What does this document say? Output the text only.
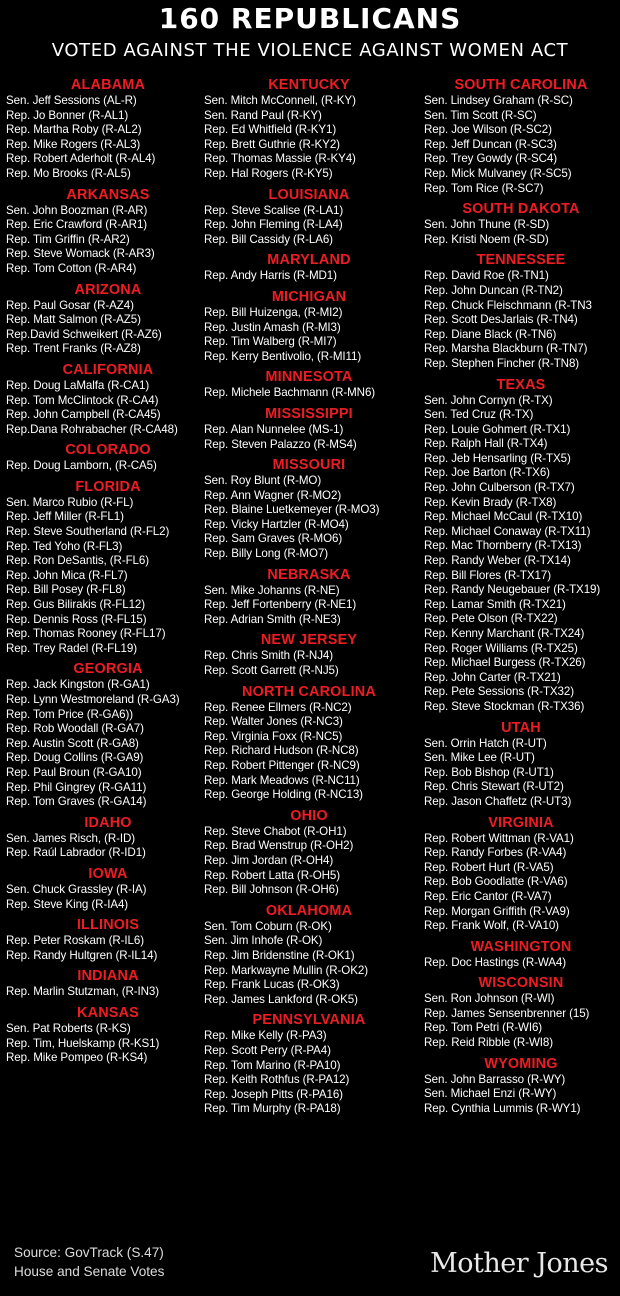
160 REPUBLICANS
VOTED AGAINST THE VIOLENCE AGAINST WOMEN ACT
ALABAMA
Sen. Jeff Sessions (AL-R)
Rep. Jo Bonner (R-AL1)
Rep. Martha Roby (R-AL2)
Rep. Mike Rogers (R-AL3)
Rep. Robert Aderholt (R-AL4)
Rep. Mo Brooks (R-AL5)
ARKANSAS
Sen. John Boozman (R-AR)
Rep. Eric Crawford (R-AR1)
Rep. Tim Griffin (R-AR2)
Rep. Steve Womack (R-AR3)
Rep. Tom Cotton (R-AR4)
ARIZONA
Rep. Paul Gosar (R-AZ4)
Rep. Matt Salmon (R-AZ5)
Rep.David Schweikert (R-AZ6)
Rep. Trent Franks (R-AZ8)
CALIFORNIA
Rep. Doug LaMalfa (R-CA1)
Rep. Tom McClintock (R-CA4)
Rep. John Campbell (R-CA45)
Rep.Dana Rohrabacher (R-CA48)
COLORADO
Rep. Doug Lamborn, (R-CA5)
FLORIDA
Sen. Marco Rubio (R-FL)
Rep. Jeff Miller (R-FL1)
Rep. Steve Southerland (R-FL2)
Rep. Ted Yoho (R-FL3)
Rep. Ron DeSantis, (R-FL6)
Rep. John Mica (R-FL7)
Rep. Bill Posey (R-FL8)
Rep. Gus Bilirakis (R-FL12)
Rep. Dennis Ross (R-FL15)
Rep. Thomas Rooney (R-FL17)
Rep. Trey Radel (R-FL19)
GEORGIA
Rep. Jack Kingston (R-GA1)
Rep. Lynn Westmoreland (R-GA3)
Rep. Tom Price (R-GA6))
Rep. Rob Woodall (R-GA7)
Rep. Austin Scott (R-GA8)
Rep. Doug Collins (R-GA9)
Rep. Paul Broun (R-GA10)
Rep. Phil Gingrey (R-GA11)
Rep. Tom Graves (R-GA14)
IDAHO
Sen. James Risch, (R-ID)
Rep. Raúl Labrador (R-ID1)
IOWA
Sen. Chuck Grassley (R-IA)
Rep. Steve King (R-IA4)
ILLINOIS
Rep. Peter Roskam (R-IL6)
Rep. Randy Hultgren (R-IL14)
INDIANA
Rep. Marlin Stutzman, (R-IN3)
KANSAS
Sen. Pat Roberts (R-KS)
Rep. Tim, Huelskamp (R-KS1)
Rep. Mike Pompeo (R-KS4)
KENTUCKY
Sen. Mitch McConnell, (R-KY)
Sen. Rand Paul (R-KY)
Rep. Ed Whitfield (R-KY1)
Rep. Brett Guthrie (R-KY2)
Rep. Thomas Massie (R-KY4)
Rep. Hal Rogers (R-KY5)
LOUISIANA
Rep. Steve Scalise (R-LA1)
Rep. John Fleming (R-LA4)
Rep. Bill Cassidy (R-LA6)
MARYLAND
Rep. Andy Harris (R-MD1)
MICHIGAN
Rep. Bill Huizenga, (R-MI2)
Rep. Justin Amash (R-MI3)
Rep. Tim Walberg (R-MI7)
Rep. Kerry Bentivolio, (R-MI11)
MINNESOTA
Rep. Michele Bachmann (R-MN6)
MISSISSIPPI
Rep. Alan Nunnelee (MS-1)
Rep. Steven Palazzo (R-MS4)
MISSOURI
Sen. Roy Blunt (R-MO)
Rep. Ann Wagner (R-MO2)
Rep. Blaine Luetkemeyer (R-MO3)
Rep. Vicky Hartzler (R-MO4)
Rep. Sam Graves (R-MO6)
Rep. Billy Long (R-MO7)
NEBRASKA
Sen. Mike Johanns (R-NE)
Rep. Jeff Fortenberry (R-NE1)
Rep. Adrian Smith (R-NE3)
NEW JERSEY
Rep. Chris Smith (R-NJ4)
Rep. Scott Garrett (R-NJ5)
NORTH CAROLINA
Rep. Renee Ellmers (R-NC2)
Rep. Walter Jones (R-NC3)
Rep. Virginia Foxx (R-NC5)
Rep. Richard Hudson (R-NC8)
Rep. Robert Pittenger (R-NC9)
Rep. Mark Meadows (R-NC11)
Rep. George Holding (R-NC13)
OHIO
Rep. Steve Chabot (R-OH1)
Rep. Brad Wenstrup (R-OH2)
Rep. Jim Jordan (R-OH4)
Rep. Robert Latta (R-OH5)
Rep. Bill Johnson (R-OH6)
OKLAHOMA
Sen. Tom Coburn (R-OK)
Sen. Jim Inhofe (R-OK)
Rep. Jim Bridenstine (R-OK1)
Rep. Markwayne Mullin (R-OK2)
Rep. Frank Lucas (R-OK3)
Rep. James Lankford (R-OK5)
PENNSYLVANIA
Rep. Mike Kelly (R-PA3)
Rep. Scott Perry (R-PA4)
Rep. Tom Marino (R-PA10)
Rep. Keith Rothfus (R-PA12)
Rep. Joseph Pitts (R-PA16)
Rep. Tim Murphy (R-PA18)
SOUTH CAROLINA
Sen. Lindsey Graham (R-SC)
Sen. Tim Scott (R-SC)
Rep. Joe Wilson (R-SC2)
Rep. Jeff Duncan (R-SC3)
Rep. Trey Gowdy (R-SC4)
Rep. Mick Mulvaney (R-SC5)
Rep. Tom Rice (R-SC7)
SOUTH DAKOTA
Sen. John Thune (R-SD)
Rep. Kristi Noem (R-SD)
TENNESSEE
Rep. David Roe (R-TN1)
Rep. John Duncan (R-TN2)
Rep. Chuck Fleischmann (R-TN3
Rep. Scott DesJarlais (R-TN4)
Rep. Diane Black (R-TN6)
Rep. Marsha Blackburn (R-TN7)
Rep. Stephen Fincher (R-TN8)
TEXAS
Sen. John Cornyn (R-TX)
Sen. Ted Cruz (R-TX)
Rep. Louie Gohmert (R-TX1)
Rep. Ralph Hall (R-TX4)
Rep. Jeb Hensarling (R-TX5)
Rep. Joe Barton (R-TX6)
Rep. John Culberson (R-TX7)
Rep. Kevin Brady (R-TX8)
Rep. Michael McCaul (R-TX10)
Rep. Michael Conaway (R-TX11)
Rep. Mac Thornberry (R-TX13)
Rep. Randy Weber (R-TX14)
Rep. Bill Flores (R-TX17)
Rep. Randy Neugebauer (R-TX19)
Rep. Lamar Smith (R-TX21)
Rep. Pete Olson (R-TX22)
Rep. Kenny Marchant (R-TX24)
Rep. Roger Williams (R-TX25)
Rep. Michael Burgess (R-TX26)
Rep. John Carter (R-TX21)
Rep. Pete Sessions (R-TX32)
Rep. Steve Stockman (R-TX36)
UTAH
Sen. Orrin Hatch (R-UT)
Sen. Mike Lee (R-UT)
Rep. Bob Bishop (R-UT1)
Rep. Chris Stewart (R-UT2)
Rep. Jason Chaffetz (R-UT3)
VIRGINIA
Rep. Robert Wittman (R-VA1)
Rep. Randy Forbes (R-VA4)
Rep. Robert Hurt (R-VA5)
Rep. Bob Goodlatte (R-VA6)
Rep. Eric Cantor (R-VA7)
Rep. Morgan Griffith (R-VA9)
Rep. Frank Wolf, (R-VA10)
WASHINGTON
Rep. Doc Hastings (R-WA4)
WISCONSIN
Sen. Ron Johnson (R-WI)
Rep. James Sensenbrenner (15)
Rep. Tom Petri (R-WI6)
Rep. Reid Ribble (R-WI8)
WYOMING
Sen. John Barrasso (R-WY)
Sen. Michael Enzi (R-WY)
Rep. Cynthia Lummis (R-WY1)
Source: GovTrack (S.47)
House and Senate Votes	Mother Jones
